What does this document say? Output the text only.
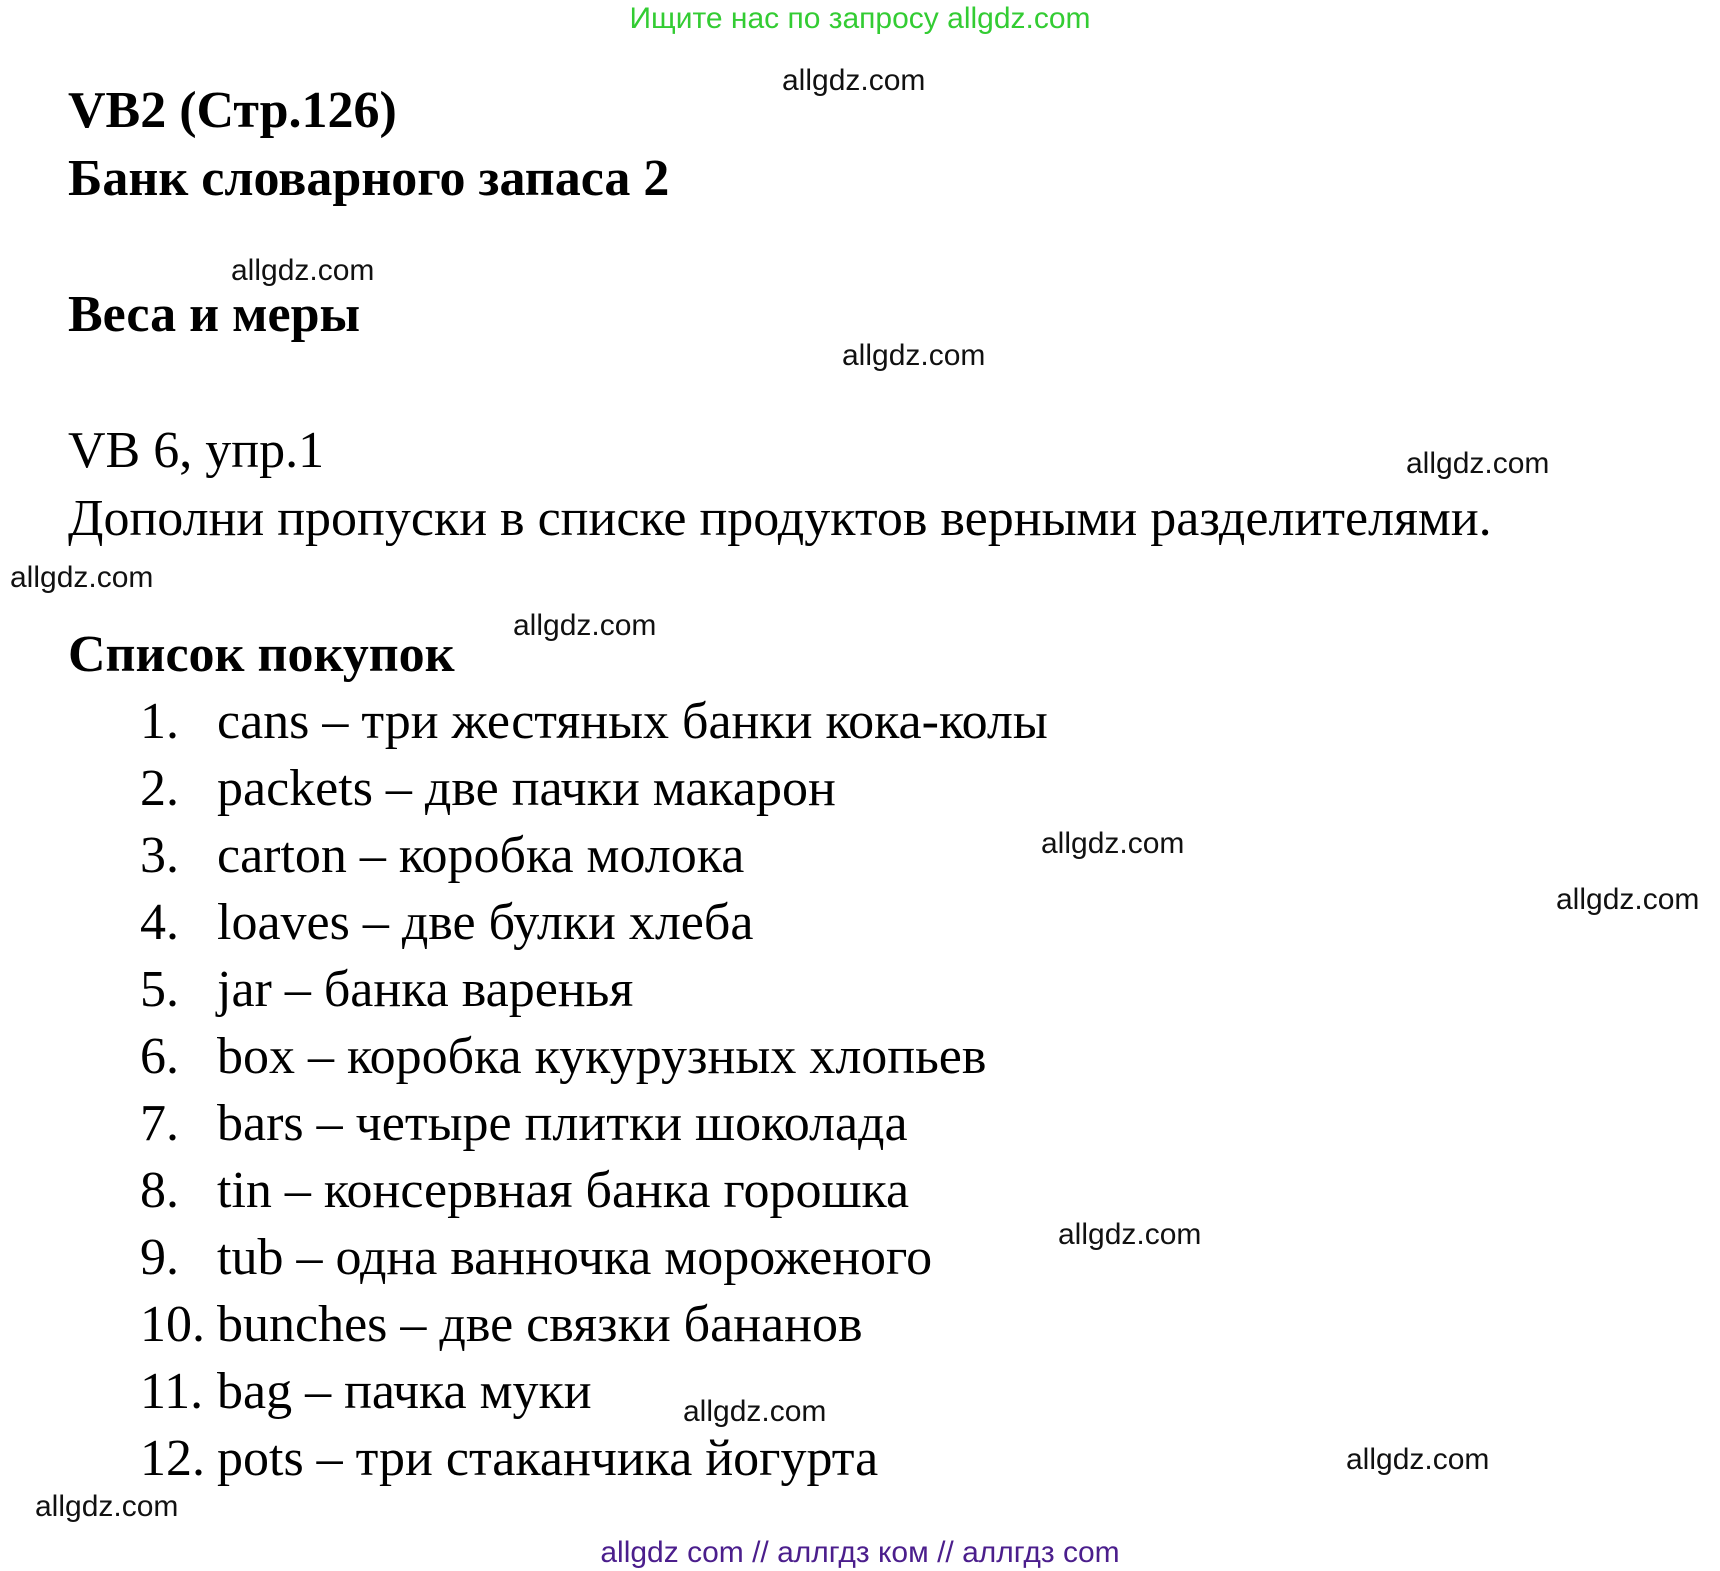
Ищите нас по запросу allgdz.com
VB2 (Стр.126)
Банк словарного запаса 2
Веса и меры
VB 6, упр.1
Дополни пропуски в списке продуктов верными разделителями.
Список покупок
1. cans – три жестяных банки кока-колы
2. packets – две пачки макарон
3. carton – коробка молока
4. loaves – две булки хлеба
5. jar – банка варенья
6. box – коробка кукурузных хлопьев
7. bars – четыре плитки шоколада
8. tin – консервная банка горошка
9. tub – одна ванночка мороженого
10. bunches – две связки бананов
11. bag – пачка муки
12. pots – три стаканчика йогурта
allgdz.com
allgdz.com
allgdz.com
allgdz.com
allgdz.com
allgdz.com
allgdz.com
allgdz.com
allgdz.com
allgdz.com
allgdz.com
allgdz.com
allgdz com // аллгдз ком // аллгдз com
